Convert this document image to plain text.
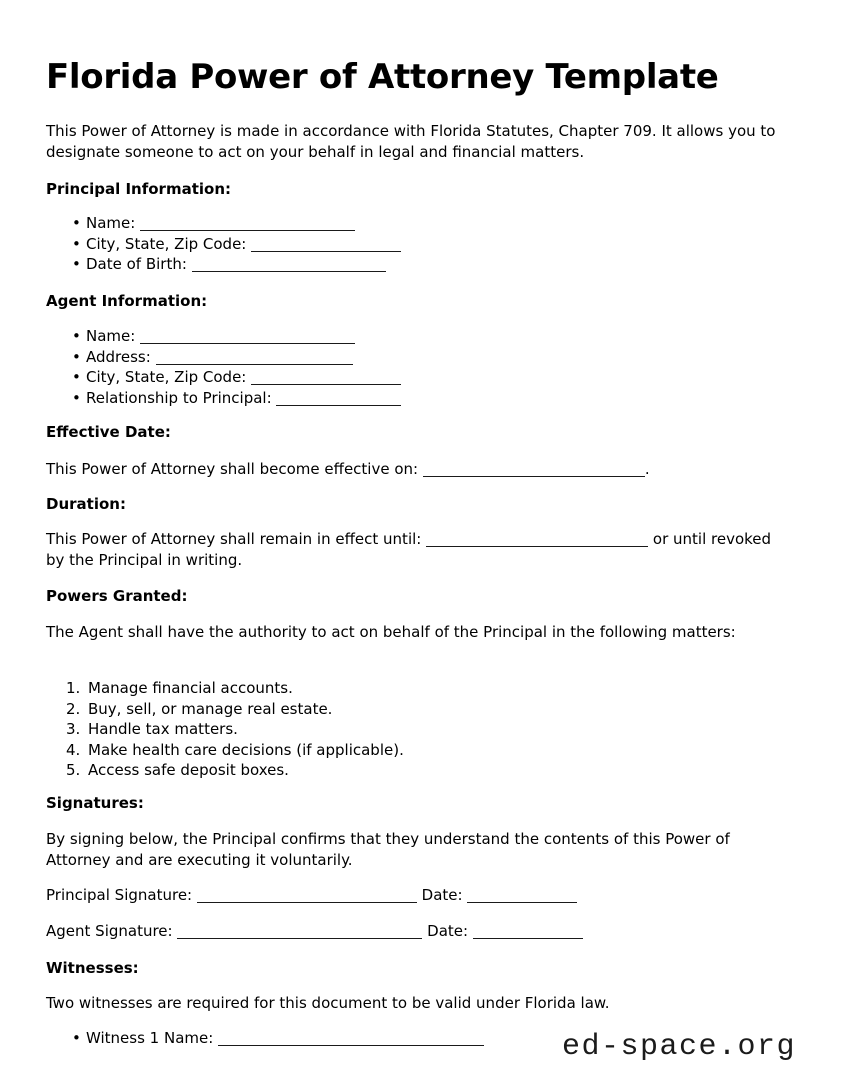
Florida Power of Attorney Template

This Power of Attorney is made in accordance with Florida Statutes, Chapter 709. It allows you to designate someone to act on your behalf in legal and financial matters.

Principal Information:
• Name:
• City, State, Zip Code:
• Date of Birth:
Agent Information:
• Name:
• Address:
• City, State, Zip Code:
• Relationship to Principal:
Effective Date:

This Power of Attorney shall become effective on:	.

Duration:

This Power of Attorney shall remain in effect until:	or until revoked by the Principal in writing.

Powers Granted:

The Agent shall have the authority to act on behalf of the Principal in the following matters:

Manage financial accounts.
Buy, sell, or manage real estate.
Handle tax matters.
Make health care decisions (if applicable).
Access safe deposit boxes.
Signatures:

By signing below, the Principal confirms that they understand the contents of this Power of Attorney and are executing it voluntarily.

Principal Signature:	Date:
Agent Signature:	Date:
Witnesses:

Two witnesses are required for this document to be valid under Florida law.

• Witness 1 Name:	ed-space.org
